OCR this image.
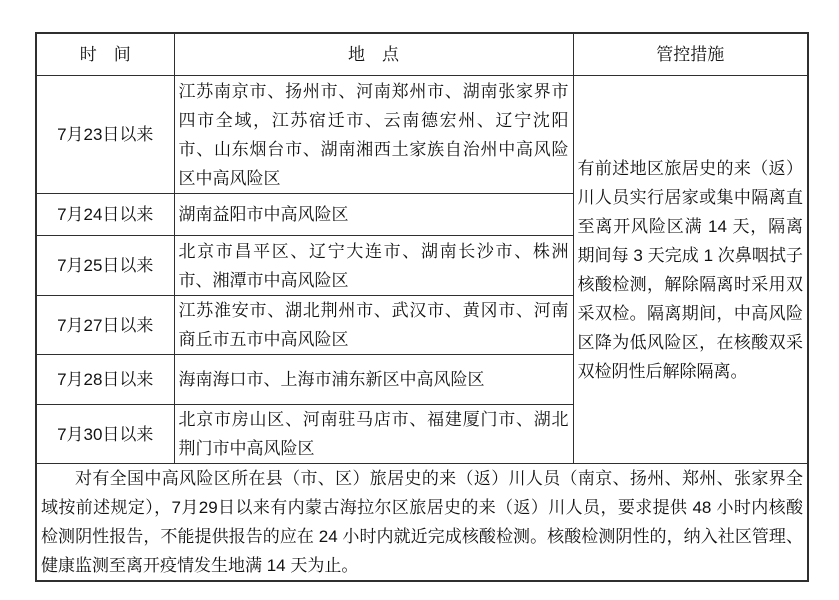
时　间	地　点	管控措施
7月23日以来	江苏南京市、扬州市、河南郑州市、湖南张家界市四市全域，江苏宿迁市、云南德宏州、辽宁沈阳市、山东烟台市、湖南湘西土家族自治州中高风险区中高风险区	有前述地区旅居史的来（返）川人员实行居家或集中隔离直至离开风险区满 14 天，隔离期间每 3 天完成 1 次鼻咽拭子核酸检测，解除隔离时采用双采双检。隔离期间，中高风险区降为低风险区，在核酸双采双检阴性后解除隔离。
7月24日以来	湖南益阳市中高风险区	
7月25日以来	北京市昌平区、辽宁大连市、湖南长沙市、株洲市、湘潭市中高风险区	
7月27日以来	江苏淮安市、湖北荆州市、武汉市、黄冈市、河南商丘市五市中高风险区	
7月28日以来	海南海口市、上海市浦东新区中高风险区	
7月30日以来	北京市房山区、河南驻马店市、福建厦门市、湖北荆门市中高风险区	

对有全国中高风险区所在县（市、区）旅居史的来（返）川人员（南京、扬州、郑州、张家界全域按前述规定），7月29日以来有内蒙古海拉尔区旅居史的来（返）川人员，要求提供 48 小时内核酸检测阴性报告，不能提供报告的应在 24 小时内就近完成核酸检测。核酸检测阴性的，纳入社区管理、健康监测至离开疫情发生地满 14 天为止。		
